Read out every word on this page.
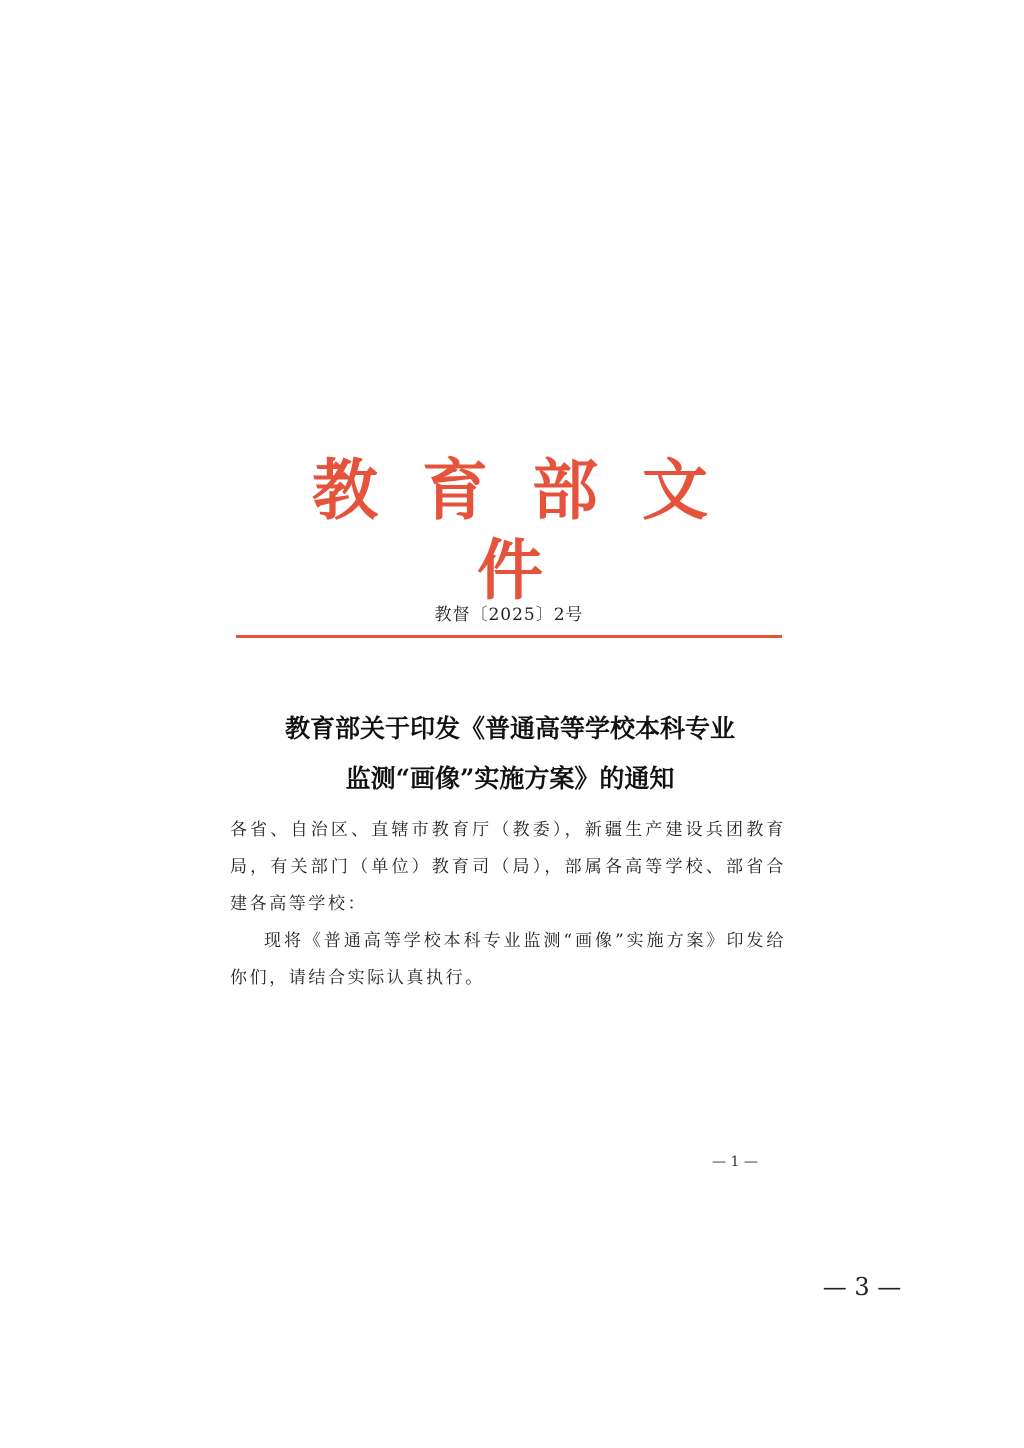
教育部文件
教督〔2025〕2号
教育部关于印发《普通高等学校本科专业
监测“画像”实施方案》的通知

各省、自治区、直辖市教育厅（教委），新疆生产建设兵团教育局，有关部门（单位）教育司（局），部属各高等学校、部省合建各高等学校：

现将《普通高等学校本科专业监测“画像”实施方案》印发给你们，请结合实际认真执行。

— 1 —
— 3 —
